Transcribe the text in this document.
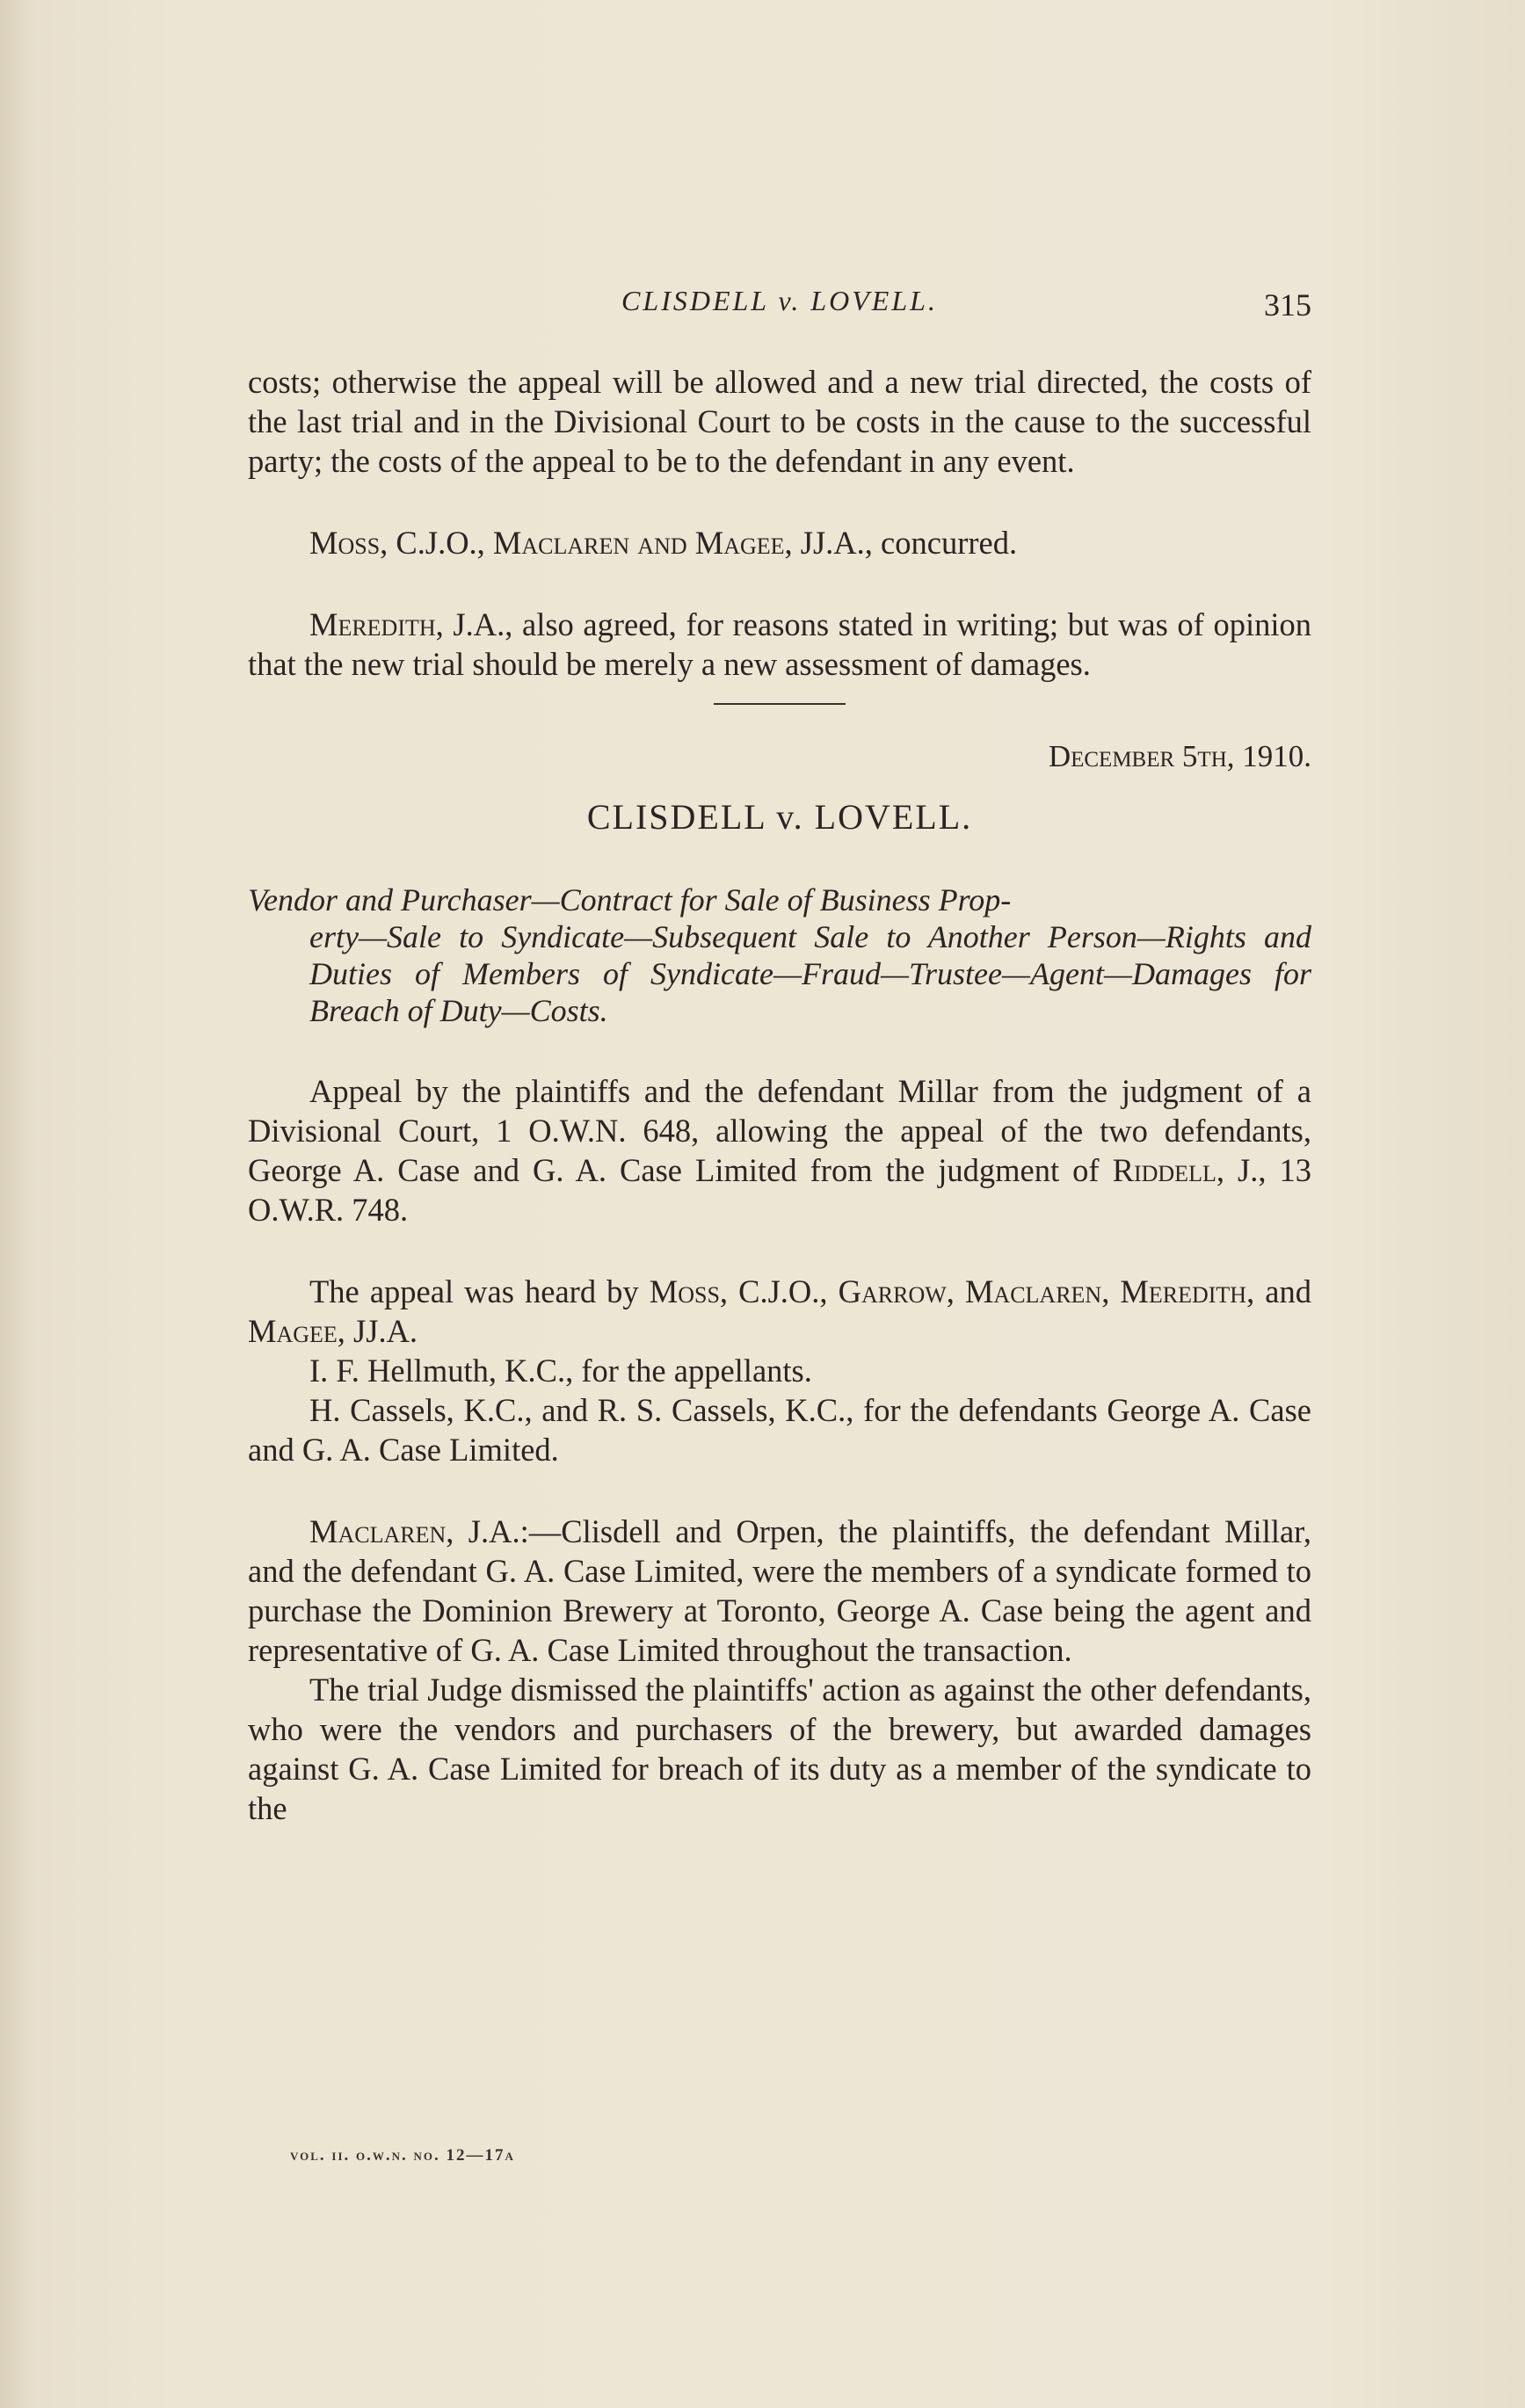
CLISDELL v. LOVELL.	315

costs; otherwise the appeal will be allowed and a new trial directed, the costs of the last trial and in the Divisional Court to be costs in the cause to the successful party; the costs of the appeal to be to the defendant in any event.

Moss, C.J.O., Maclaren and Magee, JJ.A., concurred.

Meredith, J.A., also agreed, for reasons stated in writing; but was of opinion that the new trial should be merely a new assessment of damages.

December 5th, 1910.
CLISDELL v. LOVELL.
Vendor and Purchaser—Contract for Sale of Business Prop-
erty—Sale to Syndicate—Subsequent Sale to Another Person—Rights and Duties of Members of Syndicate—Fraud—Trustee—Agent—Damages for Breach of Duty—Costs.

Appeal by the plaintiffs and the defendant Millar from the judgment of a Divisional Court, 1 O.W.N. 648, allowing the appeal of the two defendants, George A. Case and G. A. Case Limited from the judgment of Riddell, J., 13 O.W.R. 748.

The appeal was heard by Moss, C.J.O., Garrow, Maclaren, Meredith, and Magee, JJ.A.

I. F. Hellmuth, K.C., for the appellants.

H. Cassels, K.C., and R. S. Cassels, K.C., for the defendants George A. Case and G. A. Case Limited.

Maclaren, J.A.:—Clisdell and Orpen, the plaintiffs, the defendant Millar, and the defendant G. A. Case Limited, were the members of a syndicate formed to purchase the Dominion Brewery at Toronto, George A. Case being the agent and representative of G. A. Case Limited throughout the transaction.

The trial Judge dismissed the plaintiffs' action as against the other defendants, who were the vendors and purchasers of the brewery, but awarded damages against G. A. Case Limited for breach of its duty as a member of the syndicate to the

vol. ii. o.w.n. no. 12—17a
